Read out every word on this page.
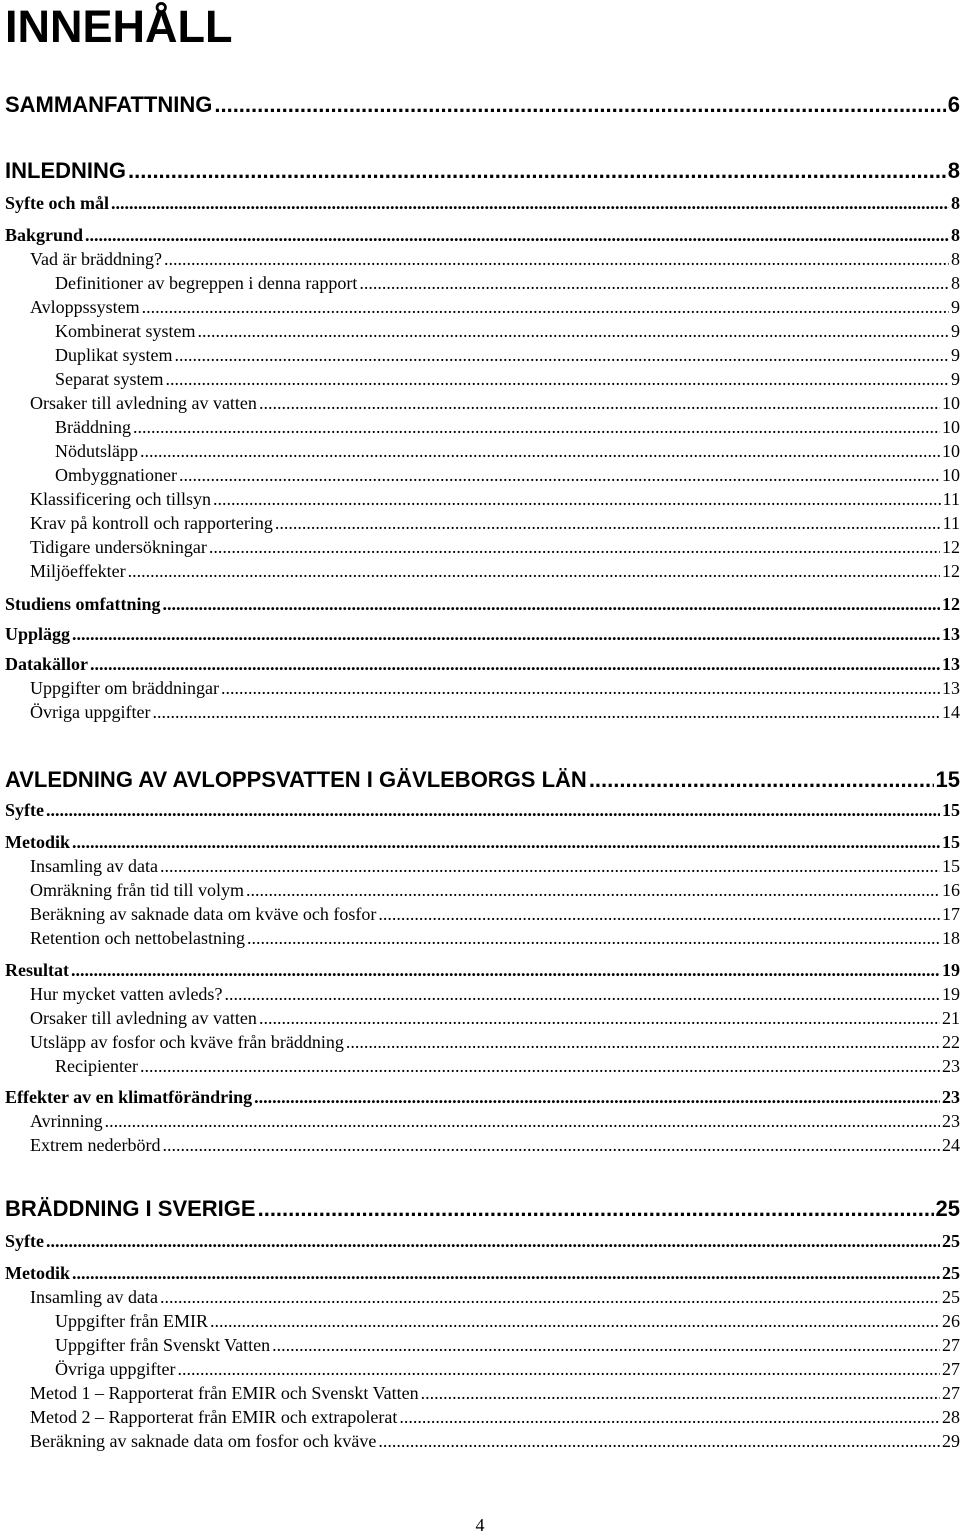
INNEHÅLL
SAMMANFATTNING .....	6
INLEDNING .....	8
Syfte och mål .....	8
Bakgrund .....	8
Vad är bräddning? .....	8
Definitioner av begreppen i denna rapport .....	8
Avloppssystem .....	9
Kombinerat system .....	9
Duplikat system .....	9
Separat system .....	9
Orsaker till avledning av vatten .....	10
Bräddning .....	10
Nödutsläpp .....	10
Ombyggnationer .....	10
Klassificering och tillsyn .....	11
Krav på kontroll och rapportering .....	11
Tidigare undersökningar .....	12
Miljöeffekter .....	12
Studiens omfattning .....	12
Upplägg .....	13
Datakällor .....	13
Uppgifter om bräddningar .....	13
Övriga uppgifter .....	14
AVLEDNING AV AVLOPPSVATTEN I GÄVLEBORGS LÄN .....	15
Syfte .....	15
Metodik .....	15
Insamling av data .....	15
Omräkning från tid till volym .....	16
Beräkning av saknade data om kväve och fosfor .....	17
Retention och nettobelastning .....	18
Resultat .....	19
Hur mycket vatten avleds? .....	19
Orsaker till avledning av vatten .....	21
Utsläpp av fosfor och kväve från bräddning .....	22
Recipienter .....	23
Effekter av en klimatförändring .....	23
Avrinning .....	23
Extrem nederbörd .....	24
BRÄDDNING I SVERIGE .....	25
Syfte .....	25
Metodik .....	25
Insamling av data .....	25
Uppgifter från EMIR .....	26
Uppgifter från Svenskt Vatten .....	27
Övriga uppgifter .....	27
Metod 1 – Rapporterat från EMIR och Svenskt Vatten .....	27
Metod 2 – Rapporterat från EMIR och extrapolerat .....	28
Beräkning av saknade data om fosfor och kväve .....	29
4
